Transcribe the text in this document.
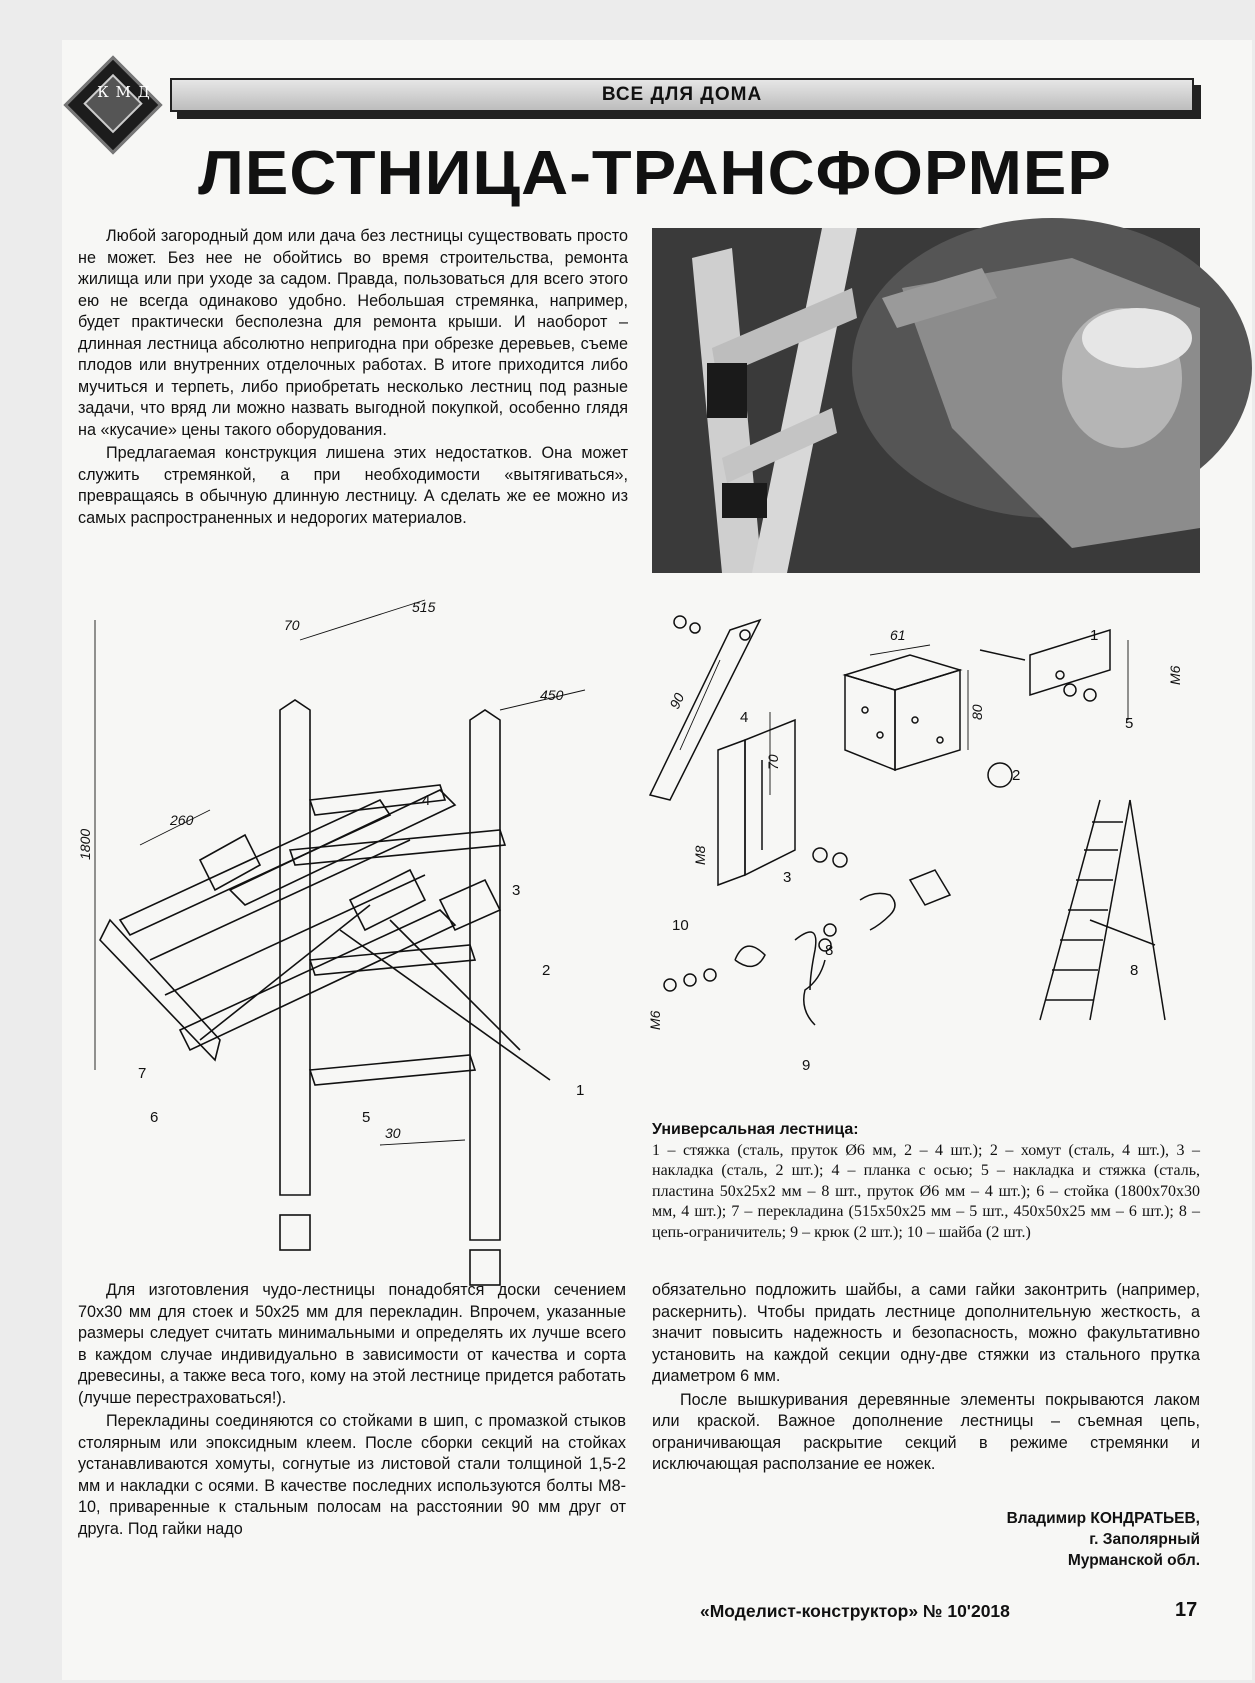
К М Д	ВСЕ ДЛЯ ДОМА
ЛЕСТНИЦА-ТРАНСФОРМЕР

Любой загородный дом или дача без лестницы существовать просто не может. Без нее не обойтись во время строительства, ремонта жилища или при уходе за садом. Правда, пользоваться для всего этого ею не всегда одинаково удобно. Небольшая стремянка, например, будет практически бесполезна для ремонта крыши. И наоборот – длинная лестница абсолютно непригодна при обрезке деревьев, съеме плодов или внутренних отделочных работах. В итоге приходится либо мучиться и терпеть, либо приобретать несколько лестниц под разные задачи, что вряд ли можно назвать выгодной покупкой, особенно глядя на «кусачие» цены такого оборудования.

Предлагаемая конструкция лишена этих недостатков. Она может служить стремянкой, а при необходимости «вытягиваться», превращаясь в обычную длинную лестницу. А сделать же ее можно из самых распространенных и недорогих материалов.

515
70
450
260
1800
30
1
2
3
4
5
6
7
90
70
М8
61
80
М6
М6
1
3
4	5
8
9
10
8
2
Универсальная лестница:
1 – стяжка (сталь, пруток Ø6 мм, 2 – 4 шт.); 2 – хомут (сталь, 4 шт.), 3 – накладка (сталь, 2 шт.); 4 – планка с осью; 5 – накладка и стяжка (сталь, пластина 50х25х2 мм – 8 шт., пруток Ø6 мм – 4 шт.); 6 – стойка (1800х70х30 мм, 4 шт.); 7 – перекладина (515х50х25 мм – 5 шт., 450х50х25 мм – 6 шт.); 8 – цепь-ограничитель; 9 – крюк (2 шт.); 10 – шайба (2 шт.)

Для изготовления чудо-лестницы понадобятся доски сечением 70х30 мм для стоек и 50х25 мм для перекладин. Впрочем, указанные размеры следует считать минимальными и определять их лучше всего в каждом случае индивидуально в зависимости от качества и сорта древесины, а также веса того, кому на этой лестнице придется работать (лучше перестраховаться!).

Перекладины соединяются со стойками в шип, с промазкой стыков столярным или эпоксидным клеем. После сборки секций на стойках устанавливаются хомуты, согнутые из листовой стали толщиной 1,5-2 мм и накладки с осями. В качестве последних используются болты М8-10, приваренные к стальным полосам на расстоянии 90 мм друг от друга. Под гайки надо

обязательно подложить шайбы, а сами гайки законтрить (например, раскернить). Чтобы придать лестнице дополнительную жесткость, а значит повысить надежность и безопасность, можно факультативно установить на каждой секции одну-две стяжки из стального прутка диаметром 6 мм.

После вышкуривания деревянные элементы покрываются лаком или краской. Важное дополнение лестницы – съемная цепь, ограничивающая раскрытие секций в режиме стремянки и исключающая расползание ее ножек.

Владимир КОНДРАТЬЕВ,
г. Заполярный
Мурманской обл.
«Моделист-конструктор» № 10'2018	17
